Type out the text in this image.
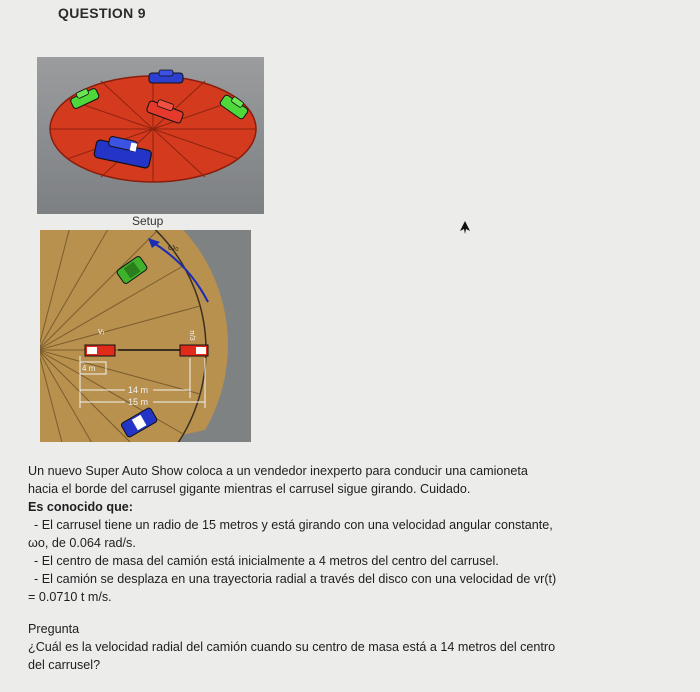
QUESTION 9
Setup
ω₀
vᵣ	π/3
4 m
14 m
15 m

Un nuevo Super Auto Show coloca a un vendedor inexperto para conducir una camioneta

hacia el borde del carrusel gigante mientras el carrusel sigue girando. Cuidado.

Es conocido que:

- El carrusel tiene un radio de 15 metros y está girando con una velocidad angular constante,

ωo, de 0.064 rad/s.

- El centro de masa del camión está inicialmente a 4 metros del centro del carrusel.

- El camión se desplaza en una trayectoria radial a través del disco con una velocidad de vr(t)

= 0.0710 t m/s.

Pregunta

¿Cuál es la velocidad radial del camión cuando su centro de masa está a 14 metros del centro

del carrusel?
